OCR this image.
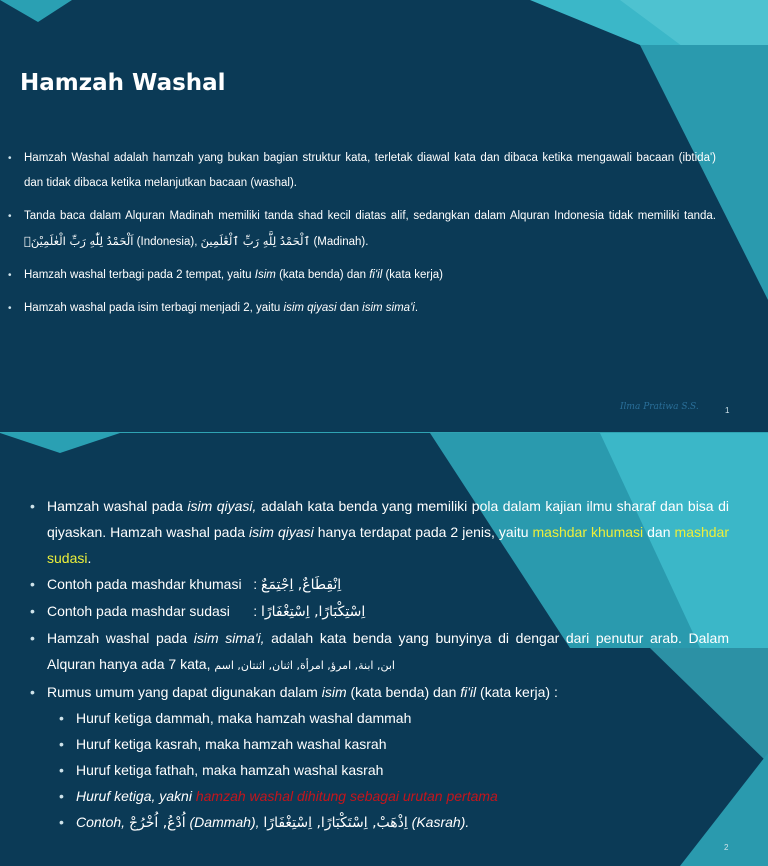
Hamzah Washal
• Hamzah Washal adalah hamzah yang bukan bagian struktur kata, terletak diawal kata dan dibaca ketika mengawali bacaan (ibtida') dan tidak dibaca ketika melanjutkan bacaan (washal).
• Tanda baca dalam Alquran Madinah memiliki tanda shad kecil diatas alif, sedangkan dalam Alquran Indonesia tidak memiliki tanda. اَلْحَمْدُ لِلّٰهِ رَبِّ الْعٰلَمِيْنَۙ (Indonesia), ٱلْحَمْدُ لِلَّهِ رَبِّ ٱلْعَٰلَمِينَ (Madinah).
• Hamzah washal terbagi pada 2 tempat, yaitu Isim (kata benda) dan fi'il (kata kerja)
• Hamzah washal pada isim terbagi menjadi 2, yaitu isim qiyasi dan isim sima'i.
Ilma Pratiwa S.S.	1
• Hamzah washal pada isim qiyasi, adalah kata benda yang memiliki pola dalam kajian ilmu sharaf dan bisa di qiyaskan. Hamzah washal pada isim qiyasi hanya terdapat pada 2 jenis, yaitu mashdar khumasi dan mashdar sudasi.
• Contoh pada mashdar khumasi   : اِنْقِطَاعٌ, اِجْتِمَعٌ
• Contoh pada mashdar sudasi      : اِسْتِكْبَارًا, اِسْتِغْفَارًا
• Hamzah washal pada isim sima'i, adalah kata benda yang bunyinya di dengar dari penutur arab. Dalam Alquran hanya ada 7 kata, ابن, ابنة, امرؤ, امرأة, اثنان, اثنتان, اسم
• Rumus umum yang dapat digunakan dalam isim (kata benda) dan fi'il (kata kerja) :
• Huruf ketiga dammah, maka hamzah washal dammah
• Huruf ketiga kasrah, maka hamzah washal kasrah
• Huruf ketiga fathah, maka hamzah washal kasrah
• Huruf ketiga, yakni hamzah washal dihitung sebagai urutan pertama
• Contoh, اُدْعُ, اُخْرُجْ (Dammah), اِذْهَبْ, اِسْتَكْبَارًا, اِسْتِغْفَارًا (Kasrah).
2
